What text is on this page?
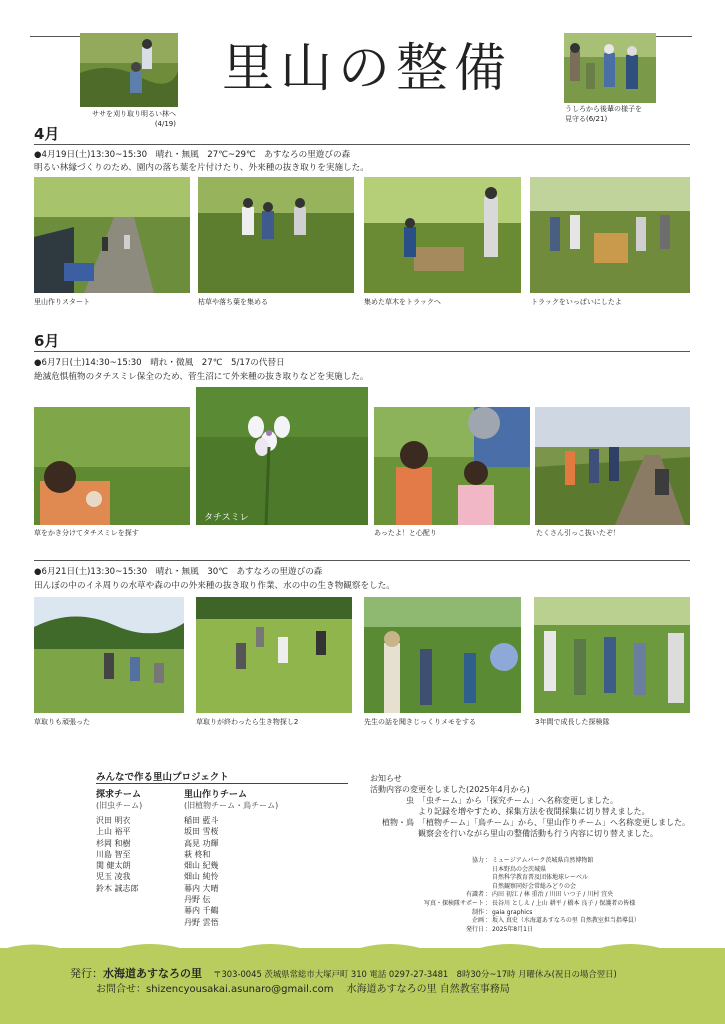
ササを刈り取り明るい林へ
(4/19)
里山の整備
うしろから後輩の様子を
見守る(6/21)
4月
●4月19日(土)13:30~15:30　晴れ・無風　27℃~29℃　あすなろの里遊びの森
明るい林縁づくりのため、園内の落ち葉を片付けたり、外来種の抜き取りを実施した。
里山作りスタート	枯草や落ち葉を集める	集めた草木をトラックへ	トラックをいっぱいにしたよ
6月
●6月7日(土)14:30~15:30　晴れ・微風　27℃　5/17の代替日
絶滅危惧植物のタチスミレ保全のため、菅生沼にて外来種の抜き取りなどを実施した。
タチスミレ
草をかき分けてタチスミレを探す	あったよ！と心配り	たくさん引っこ抜いたぞ！
●6月21日(土)13:30~15:30　晴れ・無風　30℃　あすなろの里遊びの森
田んぼの中のイネ周りの水草や森の中の外来種の抜き取り作業、水の中の生き物観察をした。
草取りも頑張った	草取りが終わったら生き物探し2	先生の話を聞きじっくりメモをする	3年間で成長した探検隊
みんなで作る里山プロジェクト
探求チーム
(旧虫チーム)
沢田 明衣
上山 裕平
杉岡 和樹
川島 智至
関 健太朗
児玉 凌我
鈴木 誠志郎
里山作りチーム
(旧植物チーム・鳥チーム)
稲田 藍斗
坂田 雪桜
高見 功輝
萩 柊和
畑山 紀幾
畑山 純怜
幕内 大晴
丹野 伝
幕内 千鶴
丹野 雲悟
お知らせ
活動内容の変更をしました(2025年4月から)
虫 「虫チーム」から「探究チーム」へ名称変更しました。
より記録を増やすため、採集方法を夜間採集に切り替えました。
植物・鳥 「植物チーム」「鳥チーム」から、「里山作りチーム」へ名称変更しました。
観察会を行いながら里山の整備活動も行う内容に切り替えました。
協力 ： ミュージアムパーク茨城県自然博物館
日本野鳥の会茨城県
自然科学教育普及団体地球レーベル
自然観察同好会常総みどりの会
有識者 ： 内田 初江 / 林 重治 / 川田 いつ子 / 川村 宜央
写真・探検隊サポート ： 長谷川 としえ / 上山 耕平 / 橋本 良子 / 保護者の皆様
制作 ： gaia graphics
企画 ： 坂入 真史（水海道あすなろの里 自然教室担当指導員）
発行日 ： 2025年8月1日
発行：水海道あすなろの里 〒303-0045 茨城県常総市大塚戸町 310 電話 0297-27-3481　8時30分~17時 月曜休み(祝日の場合翌日)
お問合せ：shizencyousakai.asunaro@gmail.com 水海道あすなろの里 自然教室事務局
